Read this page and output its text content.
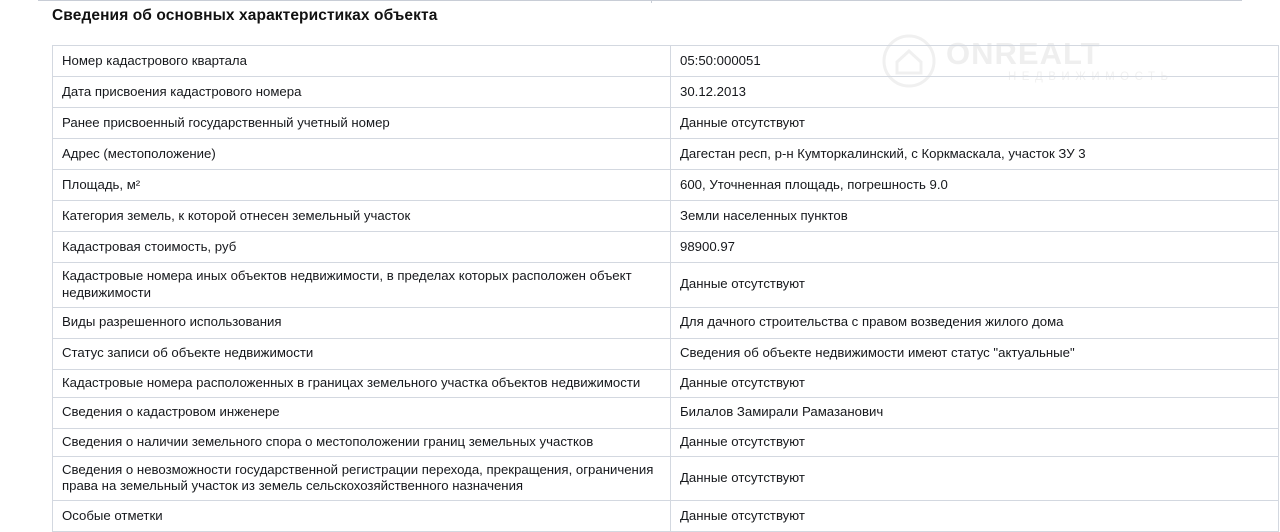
Сведения об основных характеристиках объекта
ONREALT
НЕДВИЖИМОСТЬ
Номер кадастрового квартала	05:50:000051
Дата присвоения кадастрового номера	30.12.2013
Ранее присвоенный государственный учетный номер	Данные отсутствуют
Адрес (местоположение)	Дагестан респ, р-н Кумторкалинский, с Коркмаскала, участок ЗУ 3
Площадь, м²	600, Уточненная площадь, погрешность 9.0
Категория земель, к которой отнесен земельный участок	Земли населенных пунктов
Кадастровая стоимость, руб	98900.97
Кадастровые номера иных объектов недвижимости, в пределах которых расположен объект недвижимости	Данные отсутствуют
Виды разрешенного использования	Для дачного строительства с правом возведения жилого дома
Статус записи об объекте недвижимости	Сведения об объекте недвижимости имеют статус "актуальные"
Кадастровые номера расположенных в границах земельного участка объектов недвижимости	Данные отсутствуют
Сведения о кадастровом инженере	Билалов Замирали Рамазанович
Сведения о наличии земельного спора о местоположении границ земельных участков	Данные отсутствуют
Сведения о невозможности государственной регистрации перехода, прекращения, ограничения права на земельный участок из земель сельскохозяйственного назначения	Данные отсутствуют
Особые отметки	Данные отсутствуют
